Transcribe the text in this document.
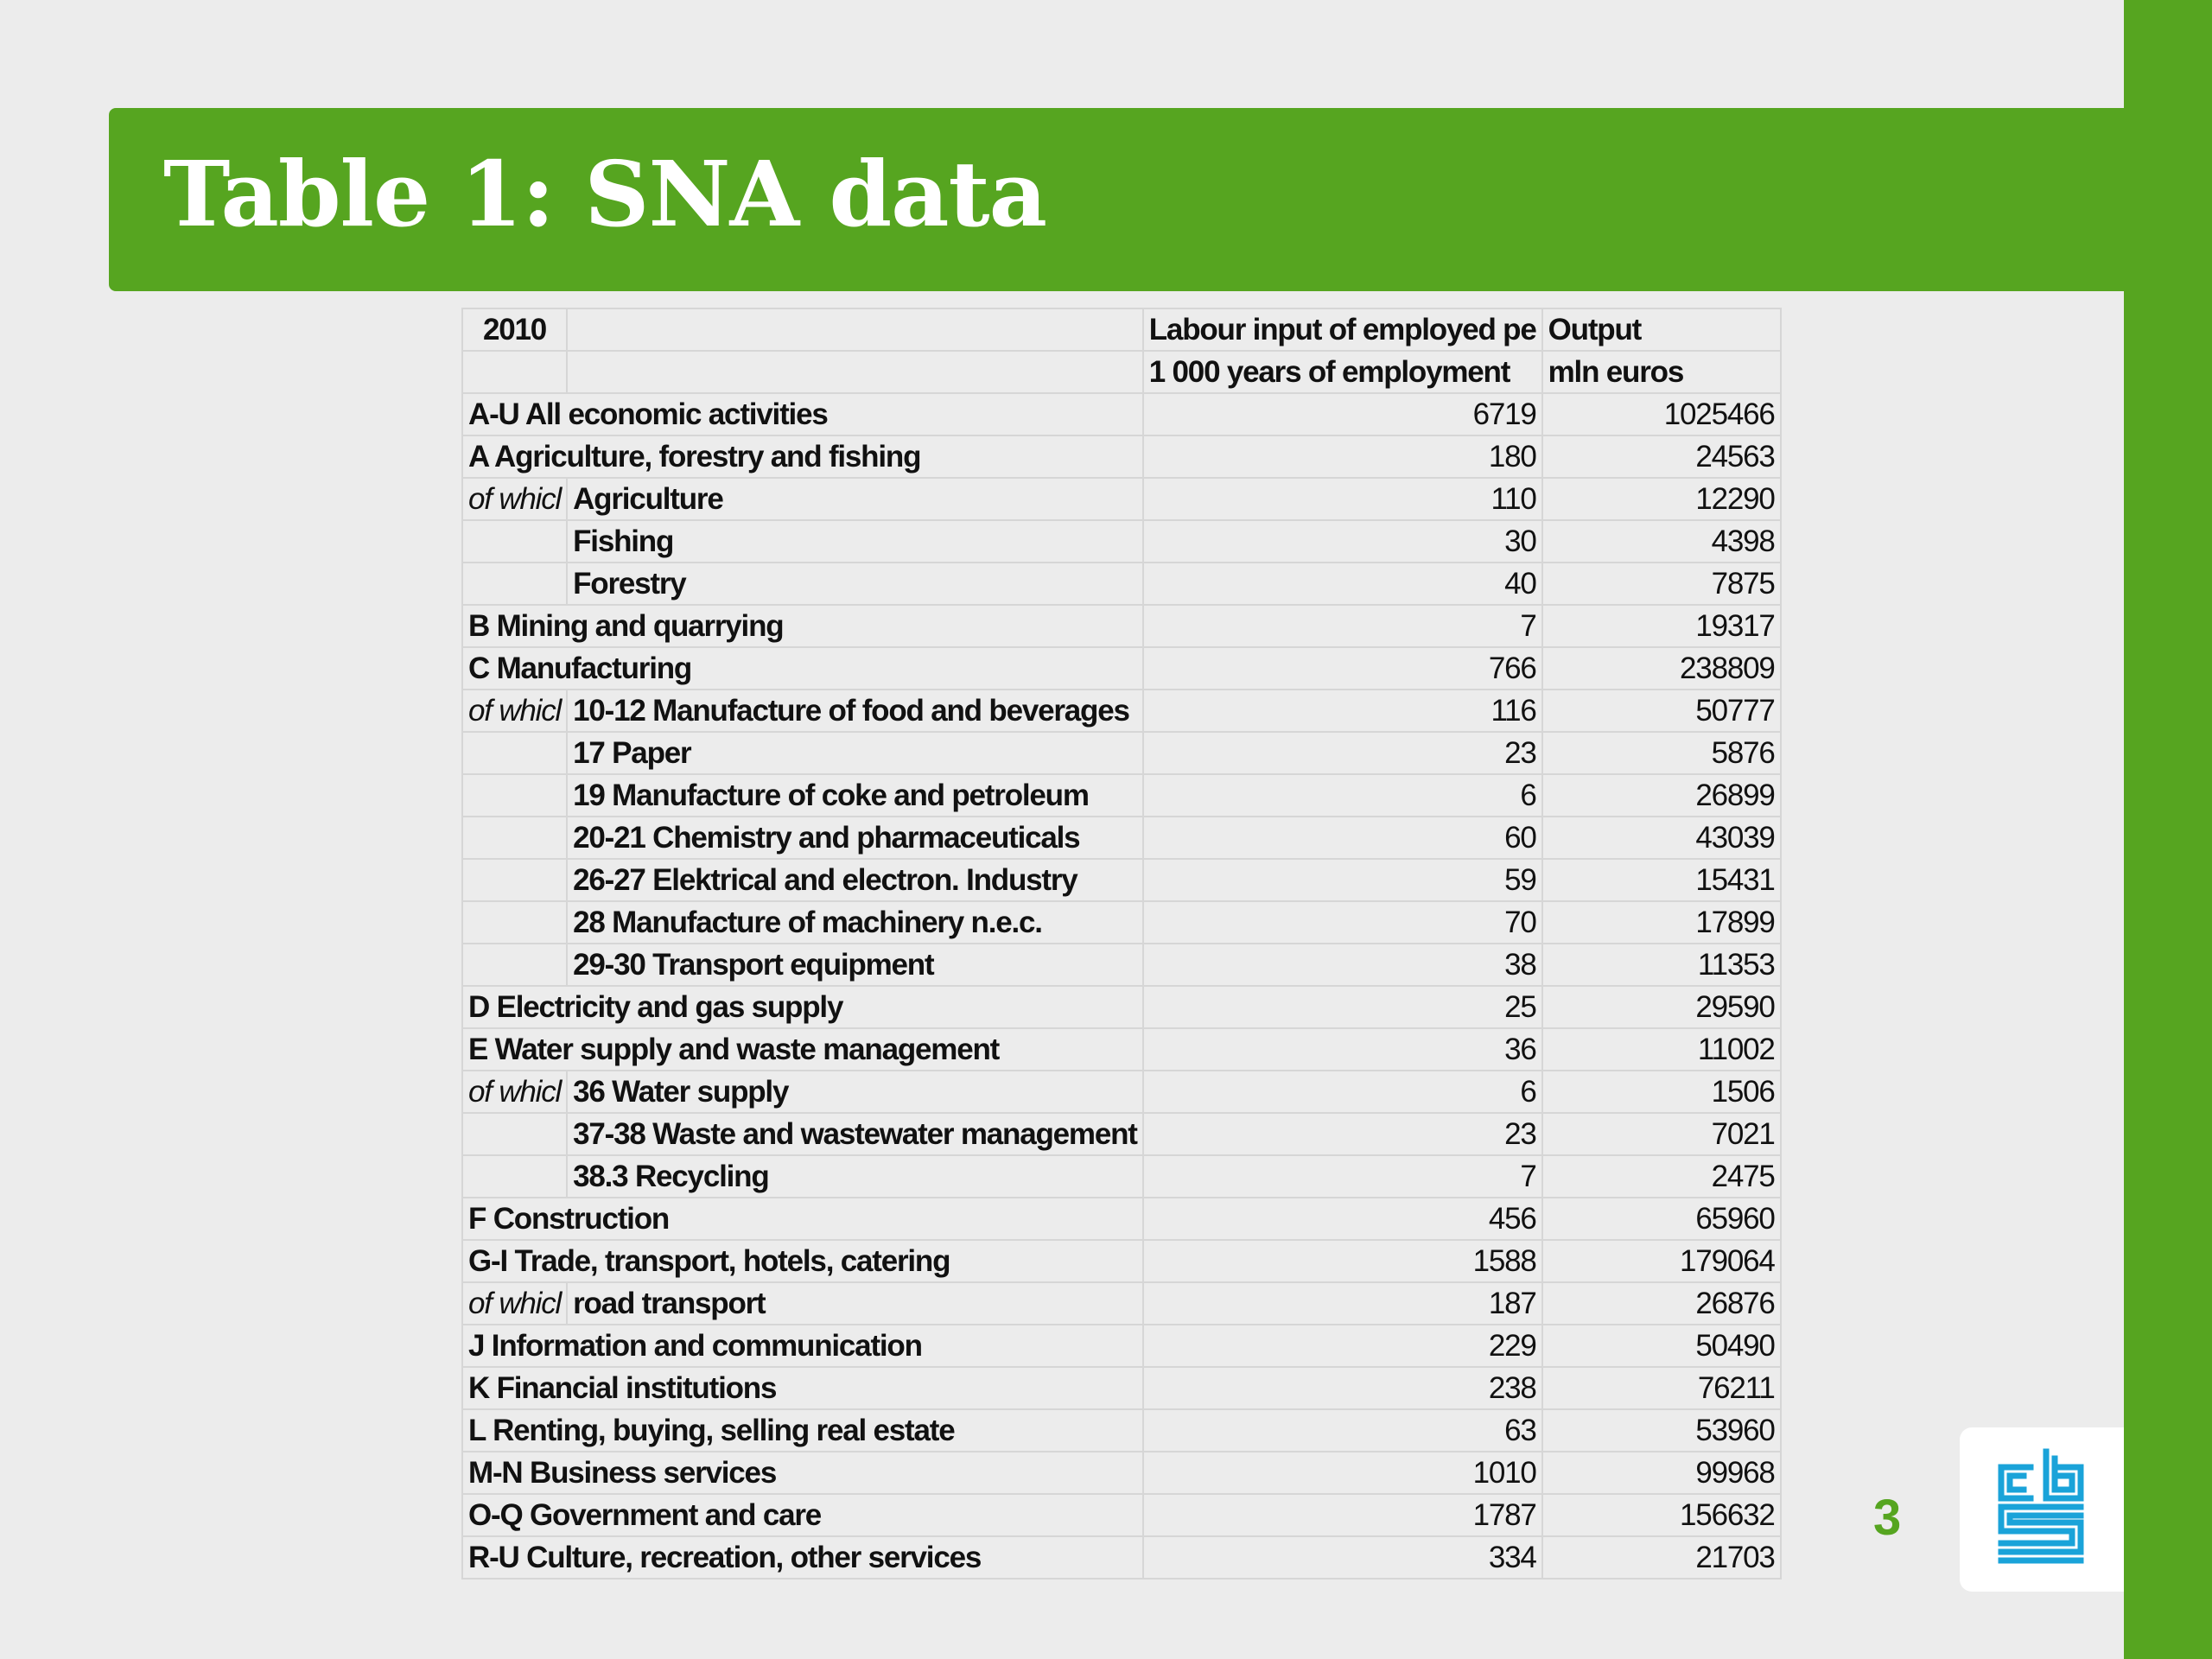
Table 1: SNA data
2010		Labour input of employed pe	Output
		1 000 years of employment	mln euros
A-U All economic activities		6719	1025466
A Agriculture, forestry and fishing		180	24563
of whicl	Agriculture	110	12290
	Fishing	30	4398
	Forestry	40	7875
B Mining and quarrying		7	19317
C Manufacturing		766	238809
of whicl	10-12 Manufacture of food and beverages	116	50777
	17 Paper	23	5876
	19 Manufacture of coke and petroleum	6	26899
	20-21 Chemistry and pharmaceuticals	60	43039
	26-27 Elektrical and electron. Industry	59	15431
	28 Manufacture of machinery n.e.c.	70	17899
	29-30 Transport equipment	38	11353
D Electricity and gas supply		25	29590
E Water supply and waste management		36	11002
of whicl	36 Water supply	6	1506
	37-38 Waste and wastewater management	23	7021
	38.3 Recycling	7	2475
F Construction		456	65960
G-I Trade, transport, hotels, catering		1588	179064
of whicl	road transport	187	26876
J Information and communication		229	50490
K Financial institutions		238	76211
L Renting, buying, selling real estate		63	53960
M-N Business services		1010	99968
O-Q Government and care		1787	156632
R-U Culture, recreation, other services		334	21703
3
